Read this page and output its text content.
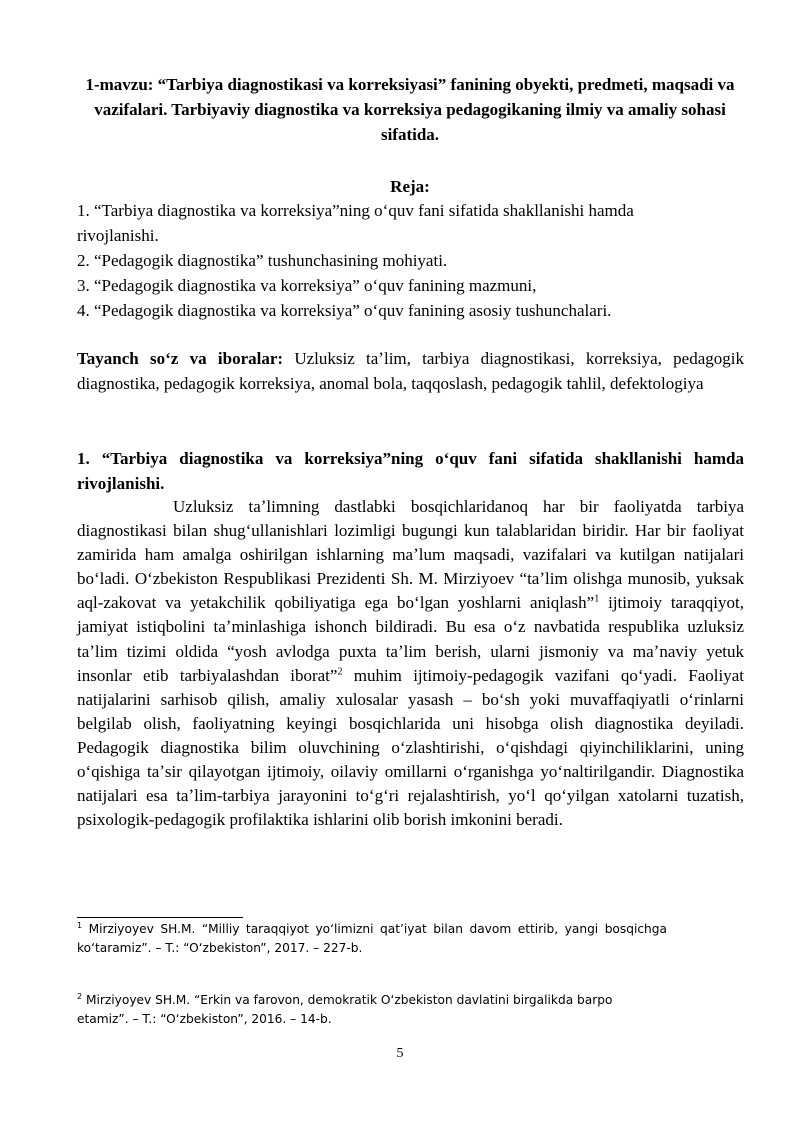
1-mavzu: “Tarbiya diagnostikasi va korreksiyasi” fanining obyekti, predmeti, maqsadi va vazifalari. Tarbiyaviy diagnostika va korreksiya pedagogikaning ilmiy va amaliy sohasi sifatida.
Reja:
1. “Tarbiya diagnostika va korreksiya”ning oʻquv fani sifatida shakllanishi hamda rivojlanishi.
2. “Pedagogik diagnostika” tushunchasining mohiyati.
3. “Pedagogik diagnostika va korreksiya” oʻquv fanining mazmuni,
4. “Pedagogik diagnostika va korreksiya” oʻquv fanining asosiy tushunchalari.
Tayanch soʻz va iboralar: Uzluksiz taʼlim, tarbiya diagnostikasi, korreksiya, pedagogik diagnostika, pedagogik korreksiya, anomal bola, taqqoslash, pedagogik tahlil, defektologiya
1. “Tarbiya diagnostika va korreksiya”ning oʻquv fani sifatida shakllanishi hamda rivojlanishi.
Uzluksiz taʼlimning dastlabki bosqichlaridanoq har bir faoliyatda tarbiya diagnostikasi bilan shugʻullanishlari lozimligi bugungi kun talablaridan biridir. Har bir faoliyat zamirida ham amalga oshirilgan ishlarning maʼlum maqsadi, vazifalari va kutilgan natijalari boʻladi. Oʻzbekiston Respublikasi Prezidenti Sh. M. Mirziyoev “taʼlim olishga munosib, yuksak aql-zakovat va yetakchilik qobiliyatiga ega boʻlgan yoshlarni aniqlash”$^1$ ijtimoiy taraqqiyot, jamiyat istiqbolini taʼminlashiga ishonch bildiradi. Bu esa oʻz navbatida respublika uzluksiz taʼlim tizimi oldida “yosh avlodga puxta taʼlim berish, ularni jismoniy va maʼnaviy yetuk insonlar etib tarbiyalashdan iborat”$^2$ muhim ijtimoiy-pedagogik vazifani qoʻyadi. Faoliyat natijalarini sarhisob qilish, amaliy xulosalar yasash – boʻsh yoki muvaffaqiyatli oʻrinlarni belgilab olish, faoliyatning keyingi bosqichlarida uni hisobga olish diagnostika deyiladi. Pedagogik diagnostika bilim oluvchining oʻzlashtirishi, oʻqishdagi qiyinchiliklarini, uning oʻqishiga taʼsir qilayotgan ijtimoiy, oilaviy omillarni oʻrganishga yoʻnaltirilgandir. Diagnostika natijalari esa taʼlim-tarbiya jarayonini toʻgʻri rejalashtirish, yoʻl qoʻyilgan xatolarni tuzatish, psixologik-pedagogik profilaktika ishlarini olib borish imkonini beradi.
$^1$ Mirziyoyev SH.M. “Milliy taraqqiyot yoʻlimizni qatʼiyat bilan davom ettirib, yangi bosqichga koʻtaramiz”. – T.: “Oʻzbekiston”, 2017. – 227-b.
$^2$ Mirziyoyev SH.M. “Erkin va farovon, demokratik Oʻzbekiston davlatini birgalikda barpo etamiz”. – T.: “Oʻzbekiston”, 2016. – 14-b.
5
